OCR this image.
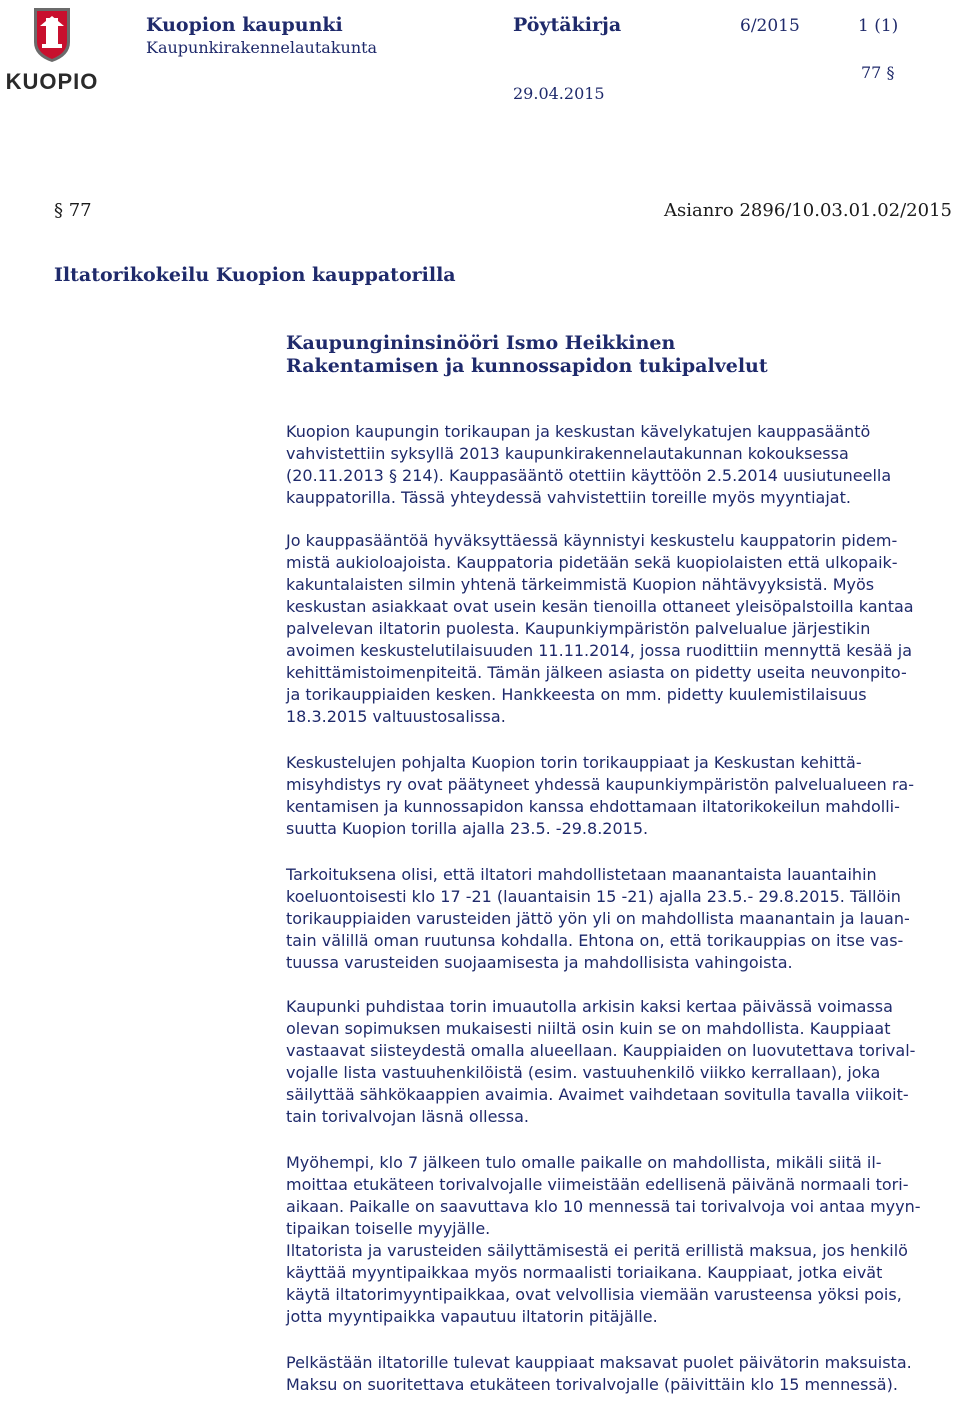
KUOPIO
Kuopion kaupunki
Kaupunkirakennelautakunta
Pöytäkirja	6/2015	1 (1)
77 §
29.04.2015
§ 77	Asianro 2896/10.03.01.02/2015
Iltatorikokeilu Kuopion kauppatorilla
Kaupungininsinööri Ismo Heikkinen
Rakentamisen ja kunnossapidon tukipalvelut
Kuopion kaupungin torikaupan ja keskustan kävelykatujen kauppasääntö
vahvistettiin syksyllä 2013 kaupunkirakennelautakunnan kokouksessa
(20.11.2013 § 214). Kauppasääntö otettiin käyttöön 2.5.2014 uusiutuneella
kauppatorilla. Tässä yhteydessä vahvistettiin toreille myös myyntiajat.
Jo kauppasääntöä hyväksyttäessä käynnistyi keskustelu kauppatorin pidem-
mistä aukioloajoista. Kauppatoria pidetään sekä kuopiolaisten että ulkopaik-
kakuntalaisten silmin yhtenä tärkeimmistä Kuopion nähtävyyksistä. Myös
keskustan asiakkaat ovat usein kesän tienoilla ottaneet yleisöpalstoilla kantaa
palvelevan iltatorin puolesta. Kaupunkiympäristön palvelualue järjestikin
avoimen keskustelutilaisuuden 11.11.2014, jossa ruodittiin mennyttä kesää ja
kehittämistoimenpiteitä. Tämän jälkeen asiasta on pidetty useita neuvonpito-
ja torikauppiaiden kesken. Hankkeesta on mm. pidetty kuulemistilaisuus
18.3.2015 valtuustosalissa.
Keskustelujen pohjalta Kuopion torin torikauppiaat ja Keskustan kehittä-
misyhdistys ry ovat päätyneet yhdessä kaupunkiympäristön palvelualueen ra-
kentamisen ja kunnossapidon kanssa ehdottamaan iltatorikokeilun mahdolli-
suutta Kuopion torilla ajalla 23.5. -29.8.2015.
Tarkoituksena olisi, että iltatori mahdollistetaan maanantaista lauantaihin
koeluontoisesti klo 17 -21 (lauantaisin 15 -21) ajalla 23.5.- 29.8.2015. Tällöin
torikauppiaiden varusteiden jättö yön yli on mahdollista maanantain ja lauan-
tain välillä oman ruutunsa kohdalla. Ehtona on, että torikauppias on itse vas-
tuussa varusteiden suojaamisesta ja mahdollisista vahingoista.
Kaupunki puhdistaa torin imuautolla arkisin kaksi kertaa päivässä voimassa
olevan sopimuksen mukaisesti niiltä osin kuin se on mahdollista. Kauppiaat
vastaavat siisteydestä omalla alueellaan. Kauppiaiden on luovutettava torival-
vojalle lista vastuuhenkilöistä (esim. vastuuhenkilö viikko kerrallaan), joka
säilyttää sähkökaappien avaimia. Avaimet vaihdetaan sovitulla tavalla viikoit-
tain torivalvojan läsnä ollessa.
Myöhempi, klo 7 jälkeen tulo omalle paikalle on mahdollista, mikäli siitä il-
moittaa etukäteen torivalvojalle viimeistään edellisenä päivänä normaali tori-
aikaan. Paikalle on saavuttava klo 10 mennessä tai torivalvoja voi antaa myyn-
tipaikan toiselle myyjälle.
Iltatorista ja varusteiden säilyttämisestä ei peritä erillistä maksua, jos henkilö
käyttää myyntipaikkaa myös normaalisti toriaikana. Kauppiaat, jotka eivät
käytä iltatorimyyntipaikkaa, ovat velvollisia viemään varusteensa yöksi pois,
jotta myyntipaikka vapautuu iltatorin pitäjälle.
Pelkästään iltatorille tulevat kauppiaat maksavat puolet päivätorin maksuista.
Maksu on suoritettava etukäteen torivalvojalle (päivittäin klo 15 mennessä).
